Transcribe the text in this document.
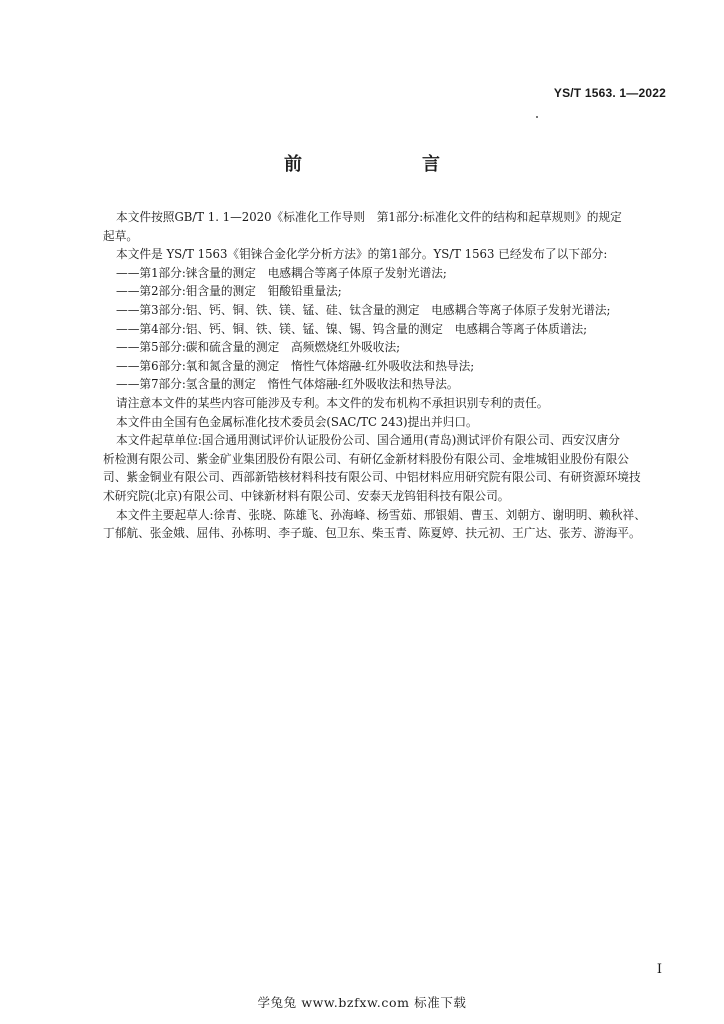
YS/T 1563. 1—2022
前　　言

本文件按照GB/T 1. 1—2020《标准化工作导则　第1部分:标准化文件的结构和起草规则》的规定

起草。

本文件是 YS/T 1563《钼铼合金化学分析方法》的第1部分。YS/T 1563 已经发布了以下部分:

——第1部分:铼含量的测定　电感耦合等离子体原子发射光谱法;

——第2部分:钼含量的测定　钼酸铅重量法;

——第3部分:铝、钙、铜、铁、镁、锰、硅、钛含量的测定　电感耦合等离子体原子发射光谱法;

——第4部分:铝、钙、铜、铁、镁、锰、镍、锡、钨含量的测定　电感耦合等离子体质谱法;

——第5部分:碳和硫含量的测定　高频燃烧红外吸收法;

——第6部分:氧和氮含量的测定　惰性气体熔融-红外吸收法和热导法;

——第7部分:氢含量的测定　惰性气体熔融-红外吸收法和热导法。

请注意本文件的某些内容可能涉及专利。本文件的发布机构不承担识别专利的责任。

本文件由全国有色金属标准化技术委员会(SAC/TC 243)提出并归口。

本文件起草单位:国合通用测试评价认证股份公司、国合通用(青岛)测试评价有限公司、西安汉唐分

析检测有限公司、紫金矿业集团股份有限公司、有研亿金新材料股份有限公司、金堆城钼业股份有限公

司、紫金铜业有限公司、西部新锆核材料科技有限公司、中铝材料应用研究院有限公司、有研资源环境技

术研究院(北京)有限公司、中铼新材料有限公司、安泰天龙钨钼科技有限公司。

本文件主要起草人:徐青、张晓、陈雄飞、孙海峰、杨雪茹、邢银娟、曹玉、刘朝方、谢明明、赖秋祥、

丁郁航、张金娥、屈伟、孙栋明、李子璇、包卫东、柴玉青、陈夏婷、扶元初、王广达、张芳、游海平。

I
学兔兔 www.bzfxw.com 标准下载
